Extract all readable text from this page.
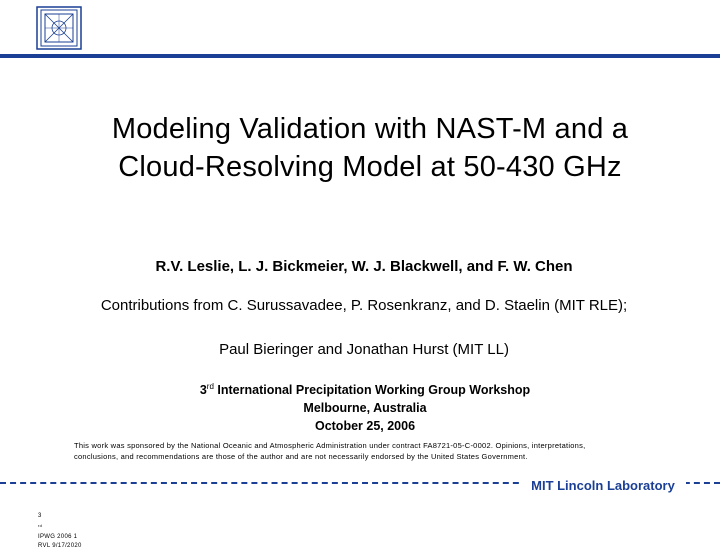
Modeling Validation with NAST-M and a
Cloud-Resolving Model at 50-430 GHz
R.V. Leslie, L. J. Bickmeier, W. J. Blackwell, and F. W. Chen
Contributions from C. Surussavadee, P. Rosenkranz, and D. Staelin (MIT RLE);
Paul Bieringer and Jonathan Hurst (MIT LL)
3rd International Precipitation Working Group Workshop
Melbourne, Australia
October 25, 2006
This work was sponsored by the National Oceanic and Atmospheric Administration under contract FA8721-05-C-0002. Opinions, interpretations,
conclusions, and recommendations are those of the author and are not necessarily endorsed by the United States Government.
MIT Lincoln Laboratory
3
$^{rd}$
IPWG 2006 1
RVL 9/17/2020
